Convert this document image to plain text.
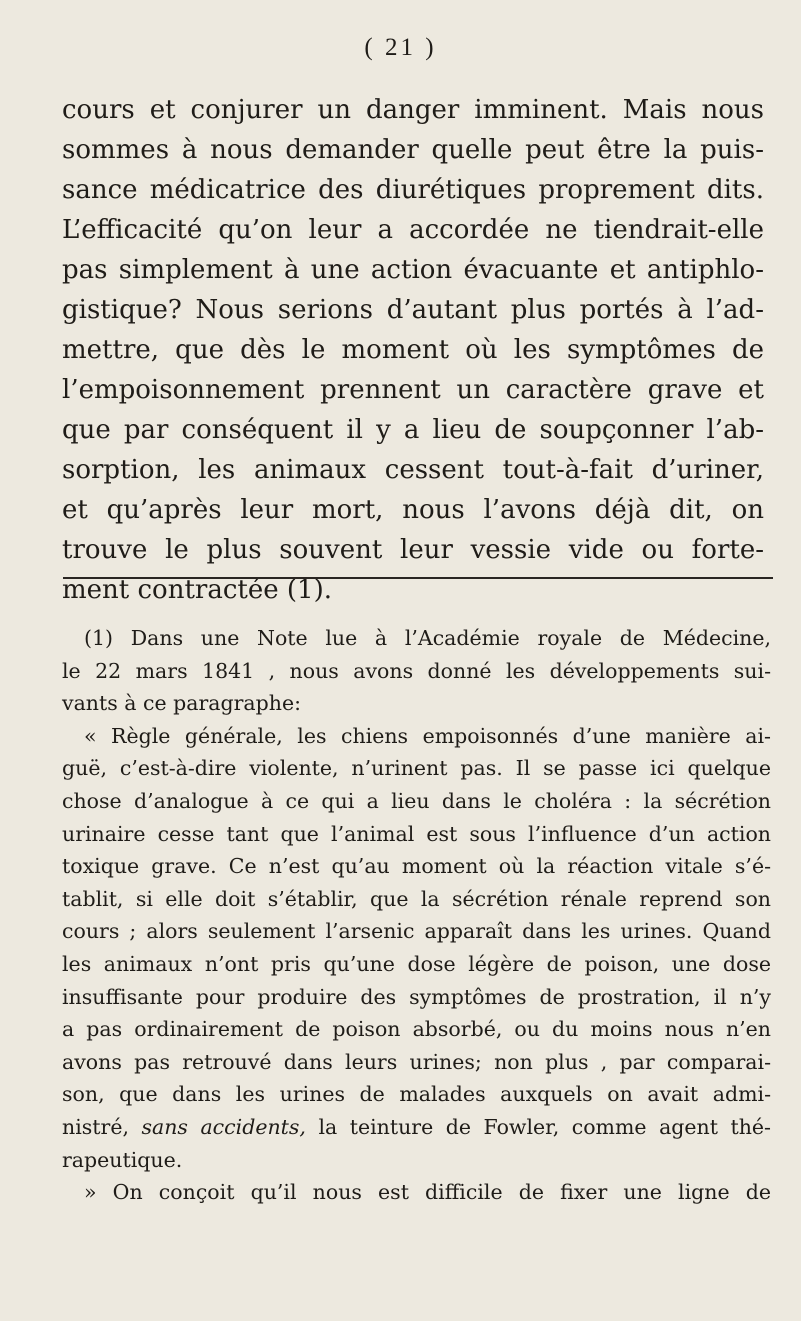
( 21 )
cours et conjurer un danger imminent. Mais nous
sommes à nous demander quelle peut être la puis-
sance médicatrice des diurétiques proprement dits.
L’efficacité qu’on leur a accordée ne tiendrait-elle
pas simplement à une action évacuante et antiphlo-
gistique? Nous serions d’autant plus portés à l’ad-
mettre, que dès le moment où les symptômes de
l’empoisonnement prennent un caractère grave et
que par conséquent il y a lieu de soupçonner l’ab-
sorption, les animaux cessent tout-à-fait d’uriner,
et qu’après leur mort, nous l’avons déjà dit, on
trouve le plus souvent leur vessie vide ou forte-
ment contractée (1).
(1) Dans une Note lue à l’Académie royale de Médecine,
le 22 mars 1841 , nous avons donné les développements sui-
vants à ce paragraphe:
« Règle générale, les chiens empoisonnés d’une manière ai-
guë, c’est-à-dire violente, n’urinent pas. Il se passe ici quelque
chose d’analogue à ce qui a lieu dans le choléra : la sécrétion
urinaire cesse tant que l’animal est sous l’influence d’un action
toxique grave. Ce n’est qu’au moment où la réaction vitale s’é-
tablit, si elle doit s’établir, que la sécrétion rénale reprend son
cours ; alors seulement l’arsenic apparaît dans les urines. Quand
les animaux n’ont pris qu’une dose légère de poison, une dose
insuffisante pour produire des symptômes de prostration, il n’y
a pas ordinairement de poison absorbé, ou du moins nous n’en
avons pas retrouvé dans leurs urines; non plus , par comparai-
son, que dans les urines de malades auxquels on avait admi-
nistré, sans accidents, la teinture de Fowler, comme agent thé-
rapeutique.
» On conçoit qu’il nous est difficile de fixer une ligne de
